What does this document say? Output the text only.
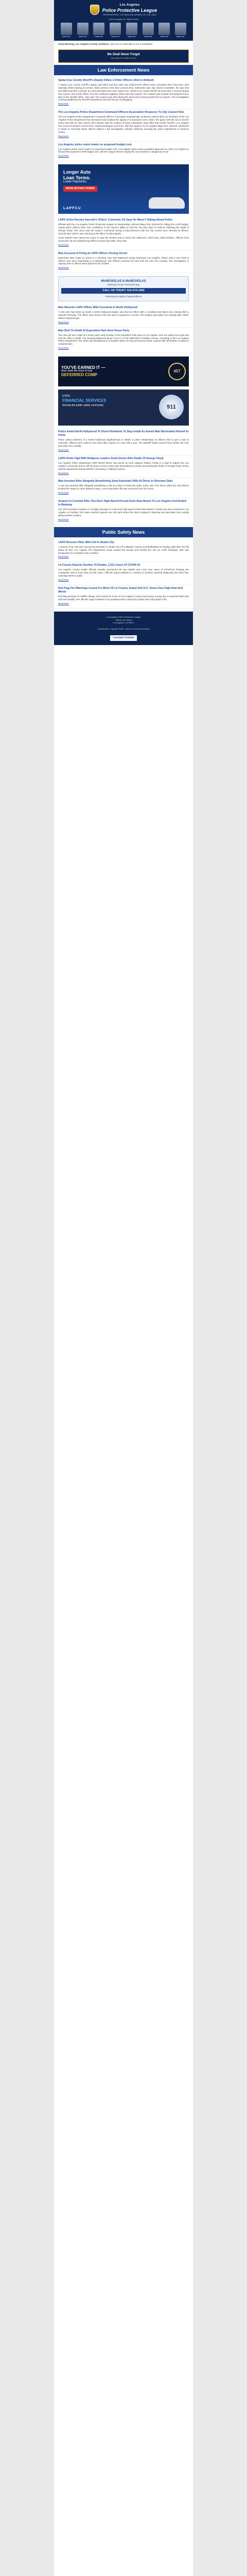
Los Angeles
Police Protective League
REPRESENTING THE MEN AND WOMEN OF THE LAPD
LAPPL BOARD OF DIRECTORS
DIRECTOR	DIRECTOR	DIRECTOR	DIRECTOR	DIRECTOR	DIRECTOR	DIRECTOR	DIRECTOR
Good Morning, Los Angeles County residents, click here to subscribe to our e-newsletter.
We Shall Never Forget
Honoring Our Fallen Heroes
Law Enforcement News
Santa Cruz County Sheriff's Deputy Killed, 2 Other Officers Shot In Ambush

A Santa Cruz County sheriff's deputy was killed and two other law enforcement officers were wounded when they were shot Saturday while tracking an armed, erratic person in the Ben Lomond area, authorities said. Sgt. Damon Gutzwiller, 38, was shot and killed near Ben Lomond, an unincorporated area near Santa Cruz. Santa Cruz County Sheriff Jim Hart said. A second deputy was injured, and a third officer from the California Highway Patrol was also injured. The suspect was located and detained hours later at the sheriff's office, Hart said. The suspect was shot during the arrest and is being treated for his injuries. The investigation is being handled by the Sheriff's Department and the FBI are investigating.

Read More
The Los Angeles Police Department Command Officers Association Response To City Council Vote

The Los Angeles Police Department Command Officers Association emphatically condemns actions taken by members of the Los Angeles Police Department that demeaned and violated the dignity of a deceased crime victim. We agree with the City Council's action and that we have severe their dispute with the conduct of these individuals. Days after that horrific incident, Los Angeles City Council members Curren Price, Monica Rodriguez and Price, with the support of Los Angeles Mayor Eric Garcetti, introduced a motion to terminate these officers without a full investigation, thereby indirectly accusing the police department of systemic racism.

Read More
Los Angeles police union leader on proposed budget cuts

Los Angeles police union leader on proposed budget cuts: Los Angeles police union president appeared on CBS Los Angeles to discuss the proposed LAPD budget cuts, with the League director saying the cuts would be a dangerous move.

Read More
Longer Auto
Loan Terms.
Lower Payments.
MORE BUYING POWER
LAPFCU
LAPD Union Decries Garcetti's 'Killers' Comment; He Says He Wasn't Talking About Police

Officials with the Los Angeles Police Protective League on Wednesday criticized Mayor Eric Garcetti for calling the LAPD budget, saying police officers have zero confidence in the mayor's ability to lead the city after days of violence following the death of George Floyd. The union said the mayor's comments during a teleconference with the city council were directed at officers. Garcetti later said he was referring to the officer in Minneapolis.

Union leaders have asked the mayor to stop the rhetoric and to retract the statement, which they called divisive. Officers from across the city are working long shifts to protect the public, they said.

Read More
Man Accused of Firing at LAPD Officers During Unrest

Detectives have made an arrest in a shooting case that happened during downtown Los Angeles. Police said a man fired at officers who were responding to a disturbance call. Officers returned fire and took the man into custody. The investigation is ongoing and no officers were injured in the incident.

Read More
McNICHOLAS & McNICHOLAS
Attorneys at Law • Personal Injury
CALL US TODAY! 310-474-1582
Protecting the rights of injured officers
Man Wounds LAPD Officer With Crossbow In North Hollywood

A man who had holed up inside a North Hollywood duplex and shot an officer with a crossbow was taken into custody after a standoff Thursday. The officer was struck in the arm and is expected to recover. The suspect was taken into custody after SWAT officers deployed gas.

Read More
Man Shot To Death At Exposition Park Area House Party

Two men got into a fight at a house party early Sunday in the Exposition Park area of Los Angeles, and one pulled out a gun and shot the other to death. The shooting happened about 1:10 a.m. in the 4600 block of Dalton Avenue, according to the Los Angeles Police Department. The victim was transported to a hospital, where he was pronounced dead. Anyone with information is asked to call detectives.

Read More
YOU'VE EARNED IT —
Now make the most of your
DEFERRED COMP
457
STATE
FINANCIAL SERVICES
Serving the public safety community	911
Police Asked North Hollywood To Divert Residents To Stay Inside As Armed Man Barricaded Himself In Home

Police asked residents of a North Hollywood neighborhood to shelter in place Wednesday as officers tried to get a man to surrender. Officers were called to the home after reports of a man with a gun. The standoff lasted several hours before the man was taken into custody.

Read More
LAPD Holds Vigil With Religious Leaders Amid Unrest After Death Of George Floyd

Los Angeles Police Department Chief Michel Moore was joined by local religious leaders Friday in a vigil to support the Los Angeles community and to call for peace as the country was devastated by events surrounding the death of George Floyd. Moore said the department stands with the community in calling for justice.

Read More
Man Arrested After Allegedly Brandishing Semi-Automatic Rifle At Driver In Sherman Oaks

A man was arrested after allegedly brandishing a rifle at a driver in Sherman Oaks, police said. The driver called 911 and officers located the suspect a short distance away. A semi-automatic rifle was recovered from the scene.

Read More
Suspect In Custody After Two-Hour High-Speed Pursuit Ends Near Beach To Los Angeles And Ended In Banning

The CHP arrested a suspect in a Dodge Durango in a two-hour high-speed chase that started in Santa Ana and continued to Los Angeles on Sunday. The chase reached speeds over 100 mph before the driver stopped in Banning and was taken into custody without further incident.

Read More
Public Safety News
LAFD Rescues Hiker Who Fell In Studio City

A woman in her 20s was rescued by helicopter in Studio City off Coldwater Canyon and Mulholland on Sunday night after she fell about 50 feet. Los Angeles Fire Department crews located the woman and hoisted her into an LAFD helicopter. She was transported to a hospital in fair condition.

Read More
LA County Reports Another 25 Deaths, 1,511 Cases Of COVID-19

Los Angeles County Health officials Sunday announced 25 new deaths and 1,511 new cases of COVID-19, bringing the countywide total to more than 61,000 cases. Officials urged residents to continue to practice physical distancing and wear face coverings while in public.

Read More
Red Flag Fire Warnings Issued For Much Of LA County, Inland And O.C. Areas Face High Heat And Winds

Red flag warnings for wildfire danger were issued for much of Los Angeles County and Orange County due to expected high heat and low humidity. Fire officials urged residents to be prepared and to avoid any activity that could spark a fire.

Read More
Los Angeles Police Protective League
1308 W. 8th Street
Los Angeles, CA 90017
Unsubscribe • Update Profile • About our service provider
Constant Contact
